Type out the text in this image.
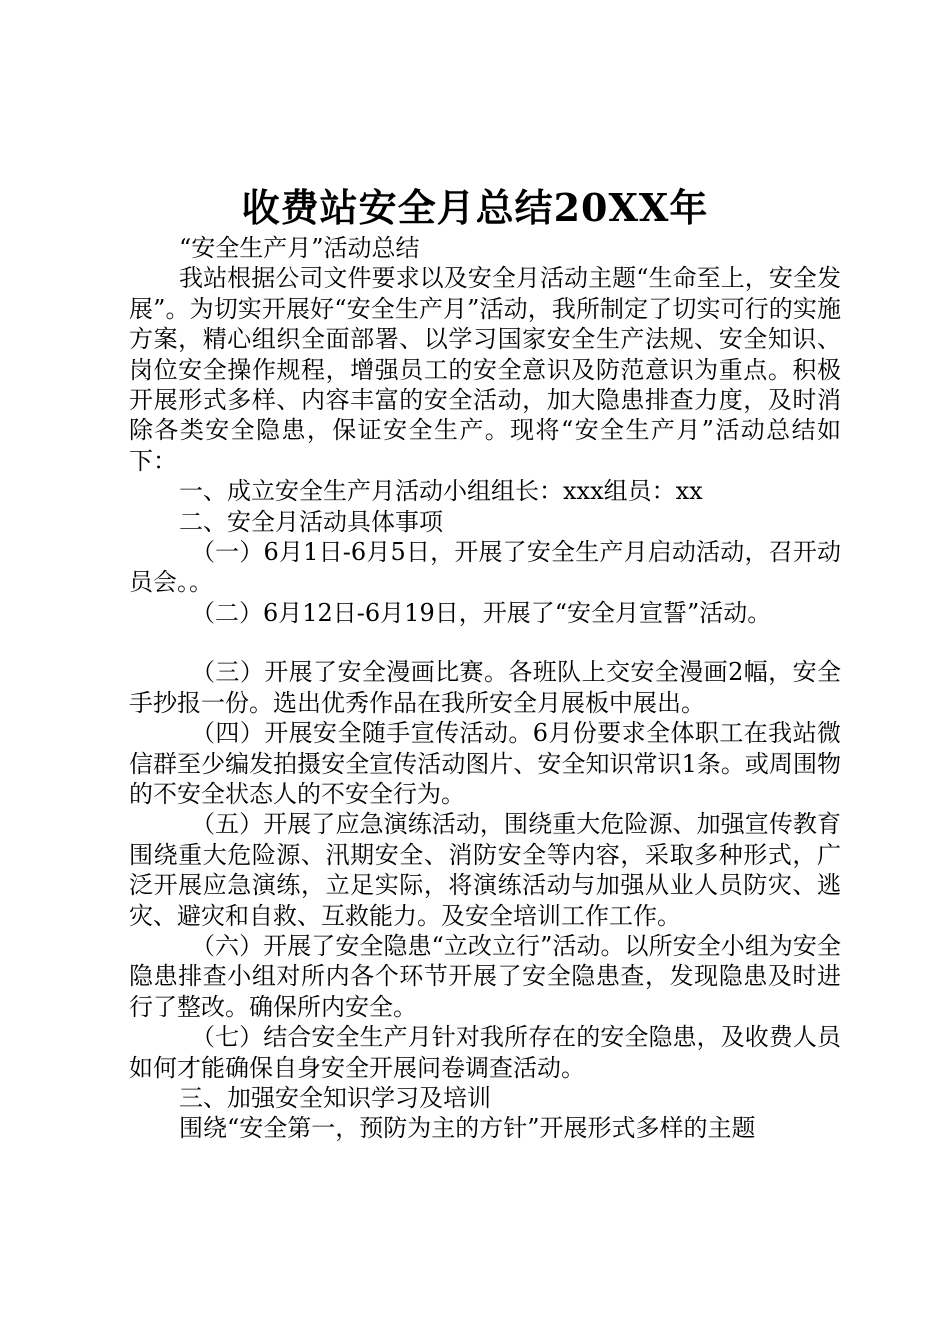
收费站安全月总结20XX年

“安全生产月”活动总结

我站根据公司文件要求以及安全月活动主题“生命至上，安全发展”。为切实开展好“安全生产月”活动，我所制定了切实可行的实施方案，精心组织全面部署、以学习国家安全生产法规、安全知识、岗位安全操作规程，增强员工的安全意识及防范意识为重点。积极开展形式多样、内容丰富的安全活动，加大隐患排查力度，及时消除各类安全隐患，保证安全生产。现将“安全生产月”活动总结如下：

一、成立安全生产月活动小组组长：xxx组员：xx

二、安全月活动具体事项

（一）6月1日-6月5日，开展了安全生产月启动活动，召开动员会。。

（二）6月12日-6月19日，开展了“安全月宣誓”活动。

（三）开展了安全漫画比赛。各班队上交安全漫画2幅，安全手抄报一份。选出优秀作品在我所安全月展板中展出。

（四）开展安全随手宣传活动。6月份要求全体职工在我站微信群至少编发拍摄安全宣传活动图片、安全知识常识1条。或周围物的不安全状态人的不安全行为。

（五）开展了应急演练活动，围绕重大危险源、加强宣传教育围绕重大危险源、汛期安全、消防安全等内容，采取多种形式，广泛开展应急演练，立足实际，将演练活动与加强从业人员防灾、逃灾、避灾和自救、互救能力。及安全培训工作工作。

（六）开展了安全隐患“立改立行”活动。以所安全小组为安全隐患排查小组对所内各个环节开展了安全隐患查，发现隐患及时进行了整改。确保所内安全。

（七）结合安全生产月针对我所存在的安全隐患，及收费人员如何才能确保自身安全开展问卷调查活动。

三、加强安全知识学习及培训

围绕“安全第一，预防为主的方针”开展形式多样的主题
